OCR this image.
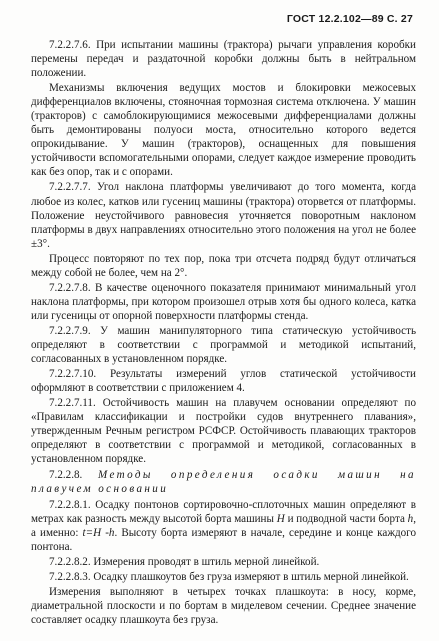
ГОСТ 12.2.102—89 С. 27

7.2.2.7.6. При испытании машины (трактора) рычаги управления коробки перемены передач и раздаточной коробки должны быть в нейтральном положении.

Механизмы включения ведущих мостов и блокировки межосевых дифференциалов включены, стояночная тормозная система отключена. У машин (тракторов) с самоблокирующимися межосевыми дифференциалами должны быть демонтированы полуоси моста, относительно которого ведется опрокидывание. У машин (тракторов), оснащенных для повышения устойчивости вспомогательными опорами, следует каждое измерение проводить как без опор, так и с опорами.

7.2.2.7.7. Угол наклона платформы увеличивают до того момента, когда любое из колес, катков или гусениц машины (трактора) оторвется от платформы. Положение неустойчивого равновесия уточняется поворотным наклоном платформы в двух направлениях относительно этого положения на угол не более ±3°.

Процесс повторяют по тех пор, пока три отсчета подряд будут отличаться между собой не более, чем на 2°.

7.2.2.7.8. В качестве оценочного показателя принимают минимальный угол наклона платформы, при котором произошел отрыв хотя бы одного колеса, катка или гусеницы от опорной поверхности платформы стенда.

7.2.2.7.9. У машин манипуляторного типа статическую устойчивость определяют в соответствии с программой и методикой испытаний, согласованных в установленном порядке.

7.2.2.7.10. Результаты измерений углов статической устойчивости оформляют в соответствии с приложением 4.

7.2.2.7.11. Остойчивость машин на плавучем основании определяют по «Правилам классификации и постройки судов внутреннего плавания», утвержденным Речным регистром РСФСР. Остойчивость плавающих тракторов определяют в соответствии с программой и методикой, согласованных в установленном порядке.

7.2.2.8. Методы определения осадки машин на плавучем основании

7.2.2.8.1. Осадку понтонов сортировочно-сплоточных машин определяют в метрах как разность между высотой борта машины H и подводной части борта h, а именно: t=H -h. Высоту борта измеряют в начале, середине и конце каждого понтона.

7.2.2.8.2. Измерения проводят в штиль мерной линейкой.

7.2.2.8.3. Осадку плашкоутов без груза измеряют в штиль мерной линейкой.

Измерения выполняют в четырех точках плашкоута: в носу, корме, диаметральной плоскости и по бортам в миделевом сечении. Среднее значение составляет осадку плашкоута без груза.
